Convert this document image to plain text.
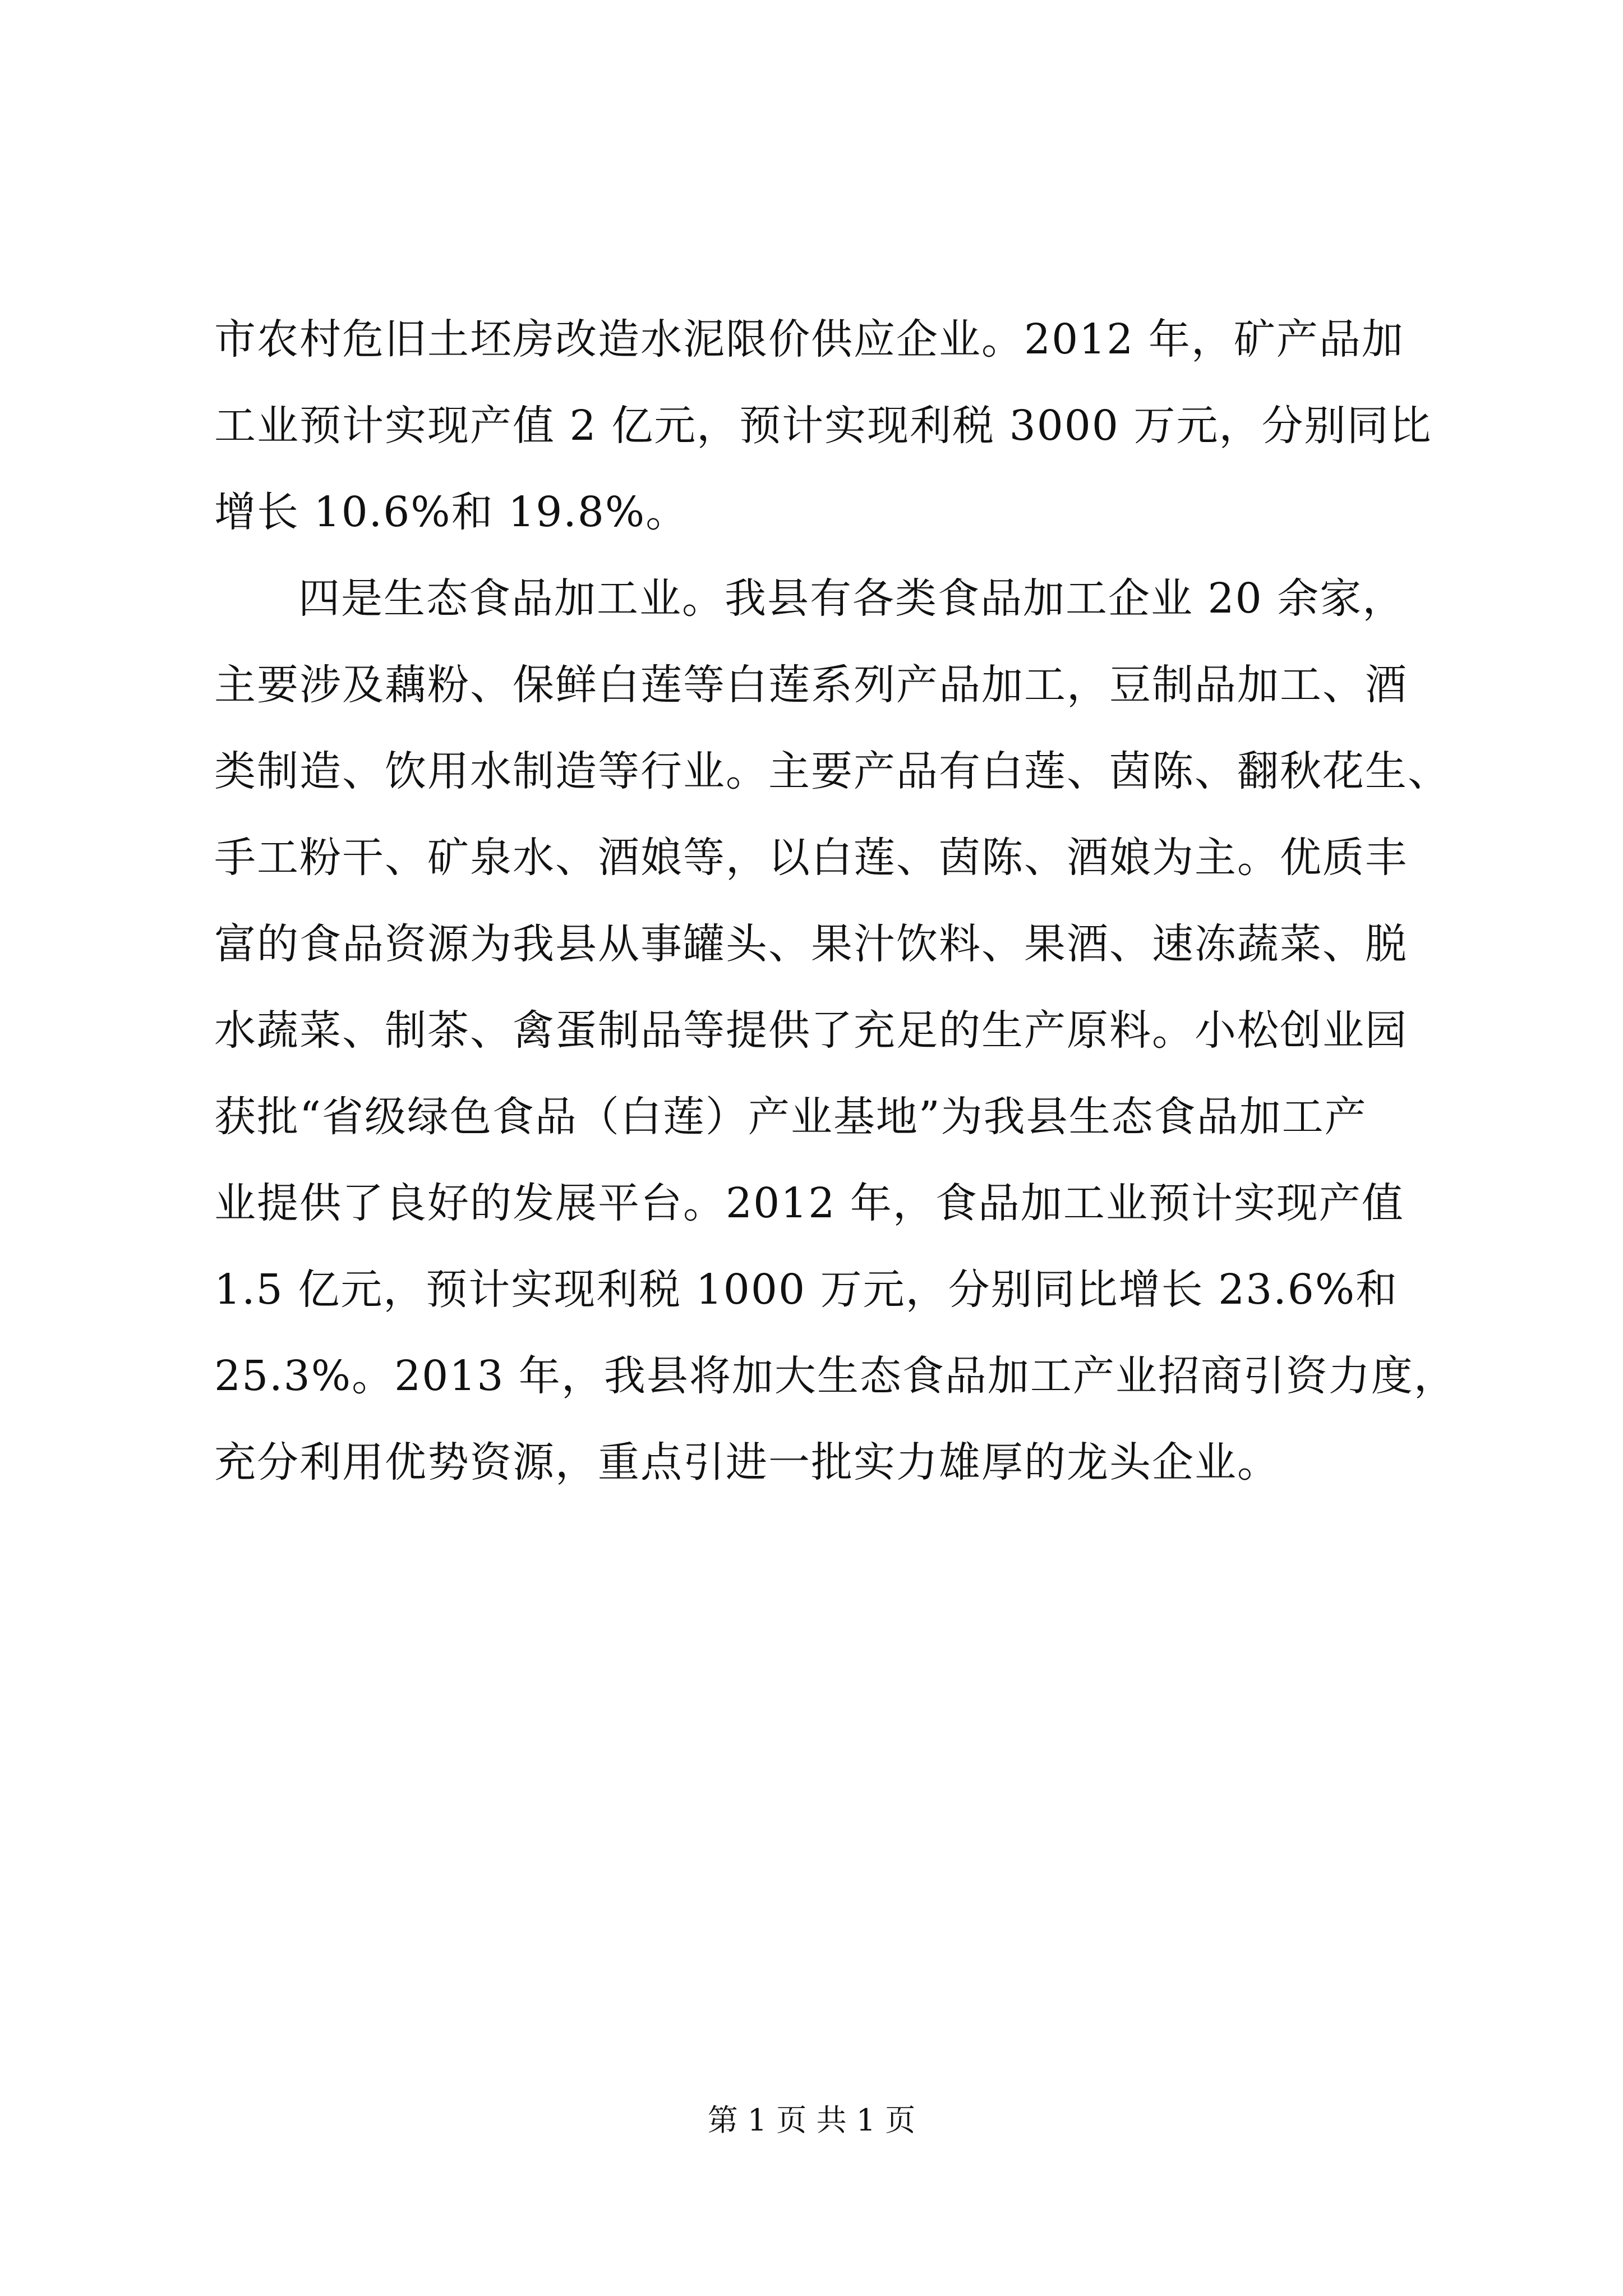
市农村危旧土坯房改造水泥限价供应企业。2012 年，矿产品加
工业预计实现产值 2 亿元，预计实现利税 3000 万元，分别同比
增长 10.6%和 19.8%。
四是生态食品加工业。我县有各类食品加工企业 20 余家，
主要涉及藕粉、保鲜白莲等白莲系列产品加工，豆制品加工、酒
类制造、饮用水制造等行业。主要产品有白莲、茵陈、翻秋花生、
手工粉干、矿泉水、酒娘等，以白莲、茵陈、酒娘为主。优质丰
富的食品资源为我县从事罐头、果汁饮料、果酒、速冻蔬菜、脱
水蔬菜、制茶、禽蛋制品等提供了充足的生产原料。小松创业园
获批“省级绿色食品（白莲）产业基地”为我县生态食品加工产
业提供了良好的发展平台。2012 年，食品加工业预计实现产值
1.5 亿元，预计实现利税 1000 万元，分别同比增长 23.6%和
25.3%。2013 年，我县将加大生态食品加工产业招商引资力度，
充分利用优势资源，重点引进一批实力雄厚的龙头企业。
第 1 页 共 1 页
